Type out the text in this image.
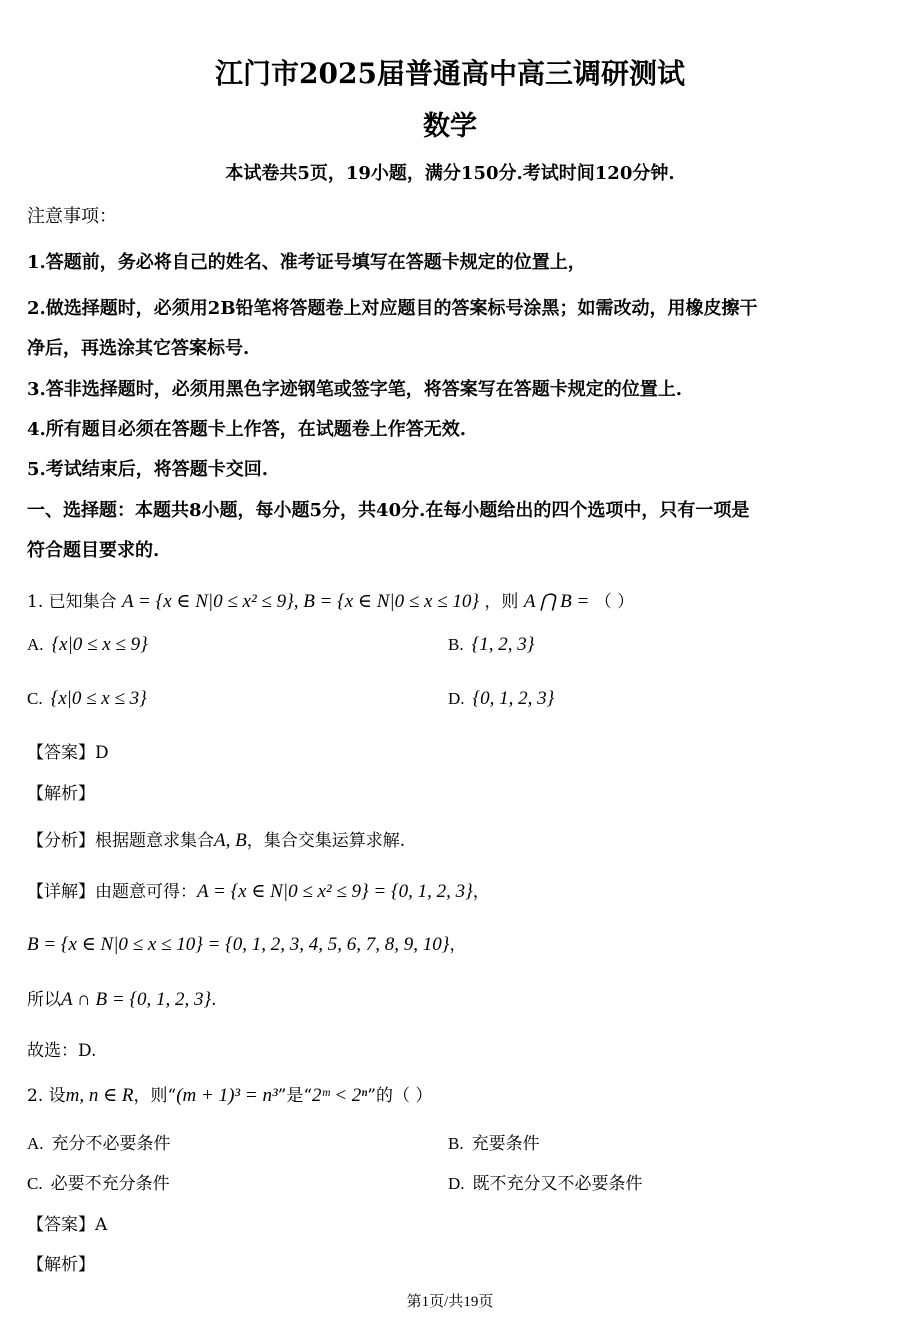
江门市2025届普通高中高三调研测试
数学
本试卷共5页，19小题，满分150分.考试时间120分钟.
注意事项：
1.答题前，务必将自己的姓名、准考证号填写在答题卡规定的位置上，
2.做选择题时，必须用2B铅笔将答题卷上对应题目的答案标号涂黑；如需改动，用橡皮擦干
净后，再选涂其它答案标号.
3.答非选择题时，必须用黑色字迹钢笔或签字笔，将答案写在答题卡规定的位置上.
4.所有题目必须在答题卡上作答，在试题卷上作答无效.
5.考试结束后，将答题卡交回.
一、选择题：本题共8小题，每小题5分，共40分.在每小题给出的四个选项中，只有一项是
符合题目要求的.
1. 已知集合 A = {x ∈ N|0 ≤ x² ≤ 9}, B = {x ∈ N|0 ≤ x ≤ 10} ，则 A ⋂ B = （ ）
A. {x|0 ≤ x ≤ 9}	B. {1, 2, 3}
C. {x|0 ≤ x ≤ 3}	D. {0, 1, 2, 3}
【答案】D
【解析】
【分析】根据题意求集合A, B，集合交集运算求解.
【详解】由题意可得：A = {x ∈ N|0 ≤ x² ≤ 9} = {0, 1, 2, 3}，
B = {x ∈ N|0 ≤ x ≤ 10} = {0, 1, 2, 3, 4, 5, 6, 7, 8, 9, 10}，
所以A ∩ B = {0, 1, 2, 3}.
故选：D.
2. 设m, n ∈ R，则“(m + 1)³ = n³”是“2ᵐ < 2ⁿ”的（ ）
A. 充分不必要条件	B. 充要条件
C. 必要不充分条件	D. 既不充分又不必要条件
【答案】A
【解析】
第1页/共19页
